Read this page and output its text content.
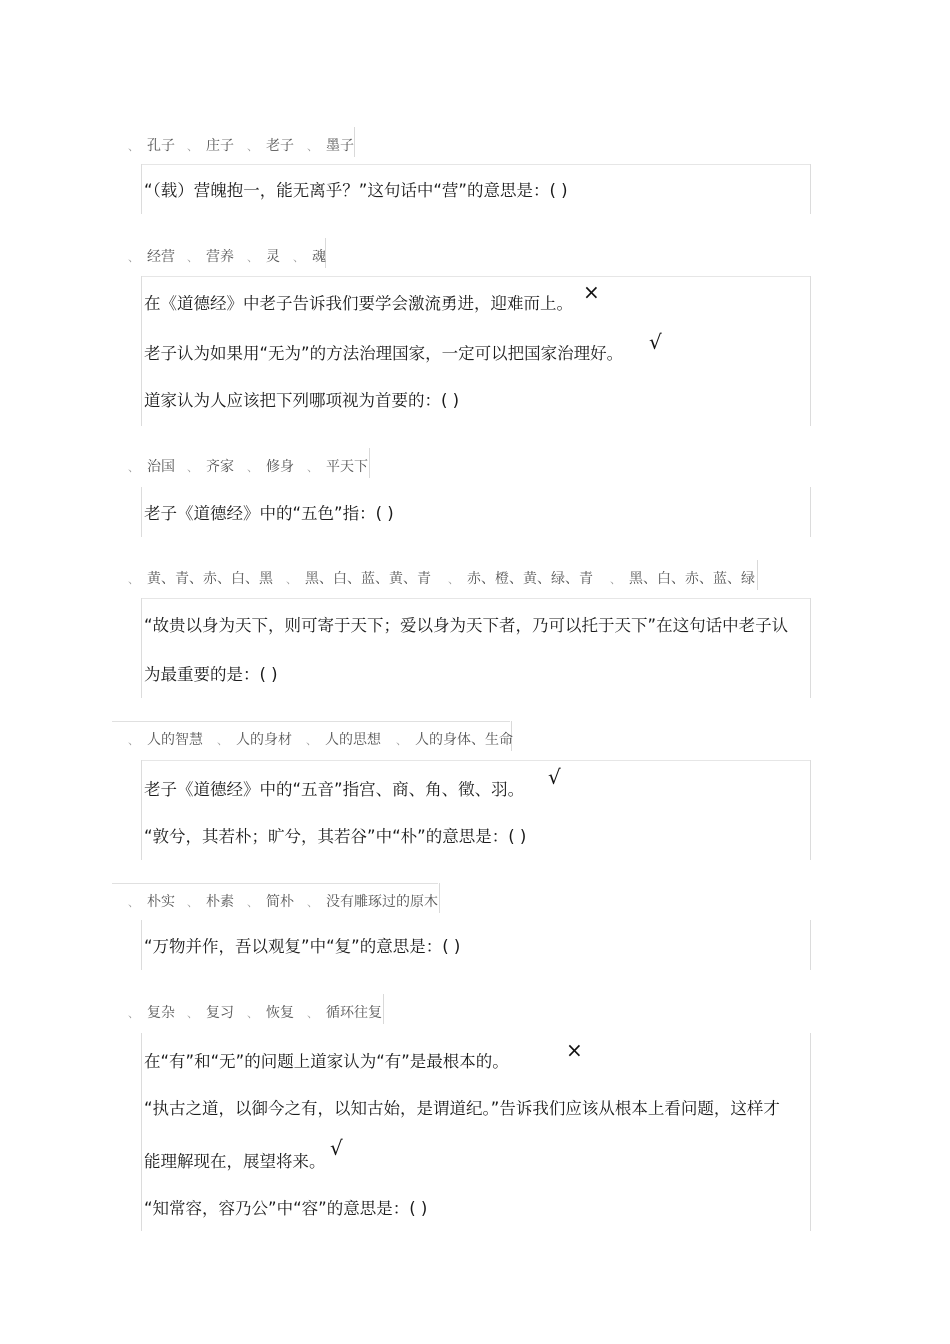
、 孔子 、 庄子 、 老子 、 墨子
“（载）营魄抱一，能无离乎？”这句话中“营”的意思是：( )
、 经营 、 营养 、 灵 、 魂
在《道德经》中老子告诉我们要学会激流勇进，迎难而上。 ×
老子认为如果用“无为”的方法治理国家，一定可以把国家治理好。 √
道家认为人应该把下列哪项视为首要的：( )
、 治国 、 齐家 、 修身 、 平天下
老子《道德经》中的“五色”指：( )
、 黄、青、赤、白、黑 、 黑、白、蓝、黄、青 、 赤、橙、黄、绿、青 、 黑、白、赤、蓝、绿
“故贵以身为天下，则可寄于天下；爱以身为天下者，乃可以托于天下”在这句话中老子认
为最重要的是：( )
、 人的智慧 、 人的身材 、 人的思想 、 人的身体、生命
老子《道德经》中的“五音”指宫、商、角、徵、羽。
√
“敦兮，其若朴；旷兮，其若谷”中“朴”的意思是：( )
、 朴实 、 朴素 、 简朴 、 没有雕琢过的原木
“万物并作，吾以观复”中“复”的意思是：( )
、 复杂 、 复习 、 恢复 、 循环往复
在“有”和“无”的问题上道家认为“有”是最根本的。	×
“执古之道，以御今之有，以知古始，是谓道纪。”告诉我们应该从根本上看问题，这样才
能理解现在，展望将来。
√
“知常容，容乃公”中“容”的意思是：( )
